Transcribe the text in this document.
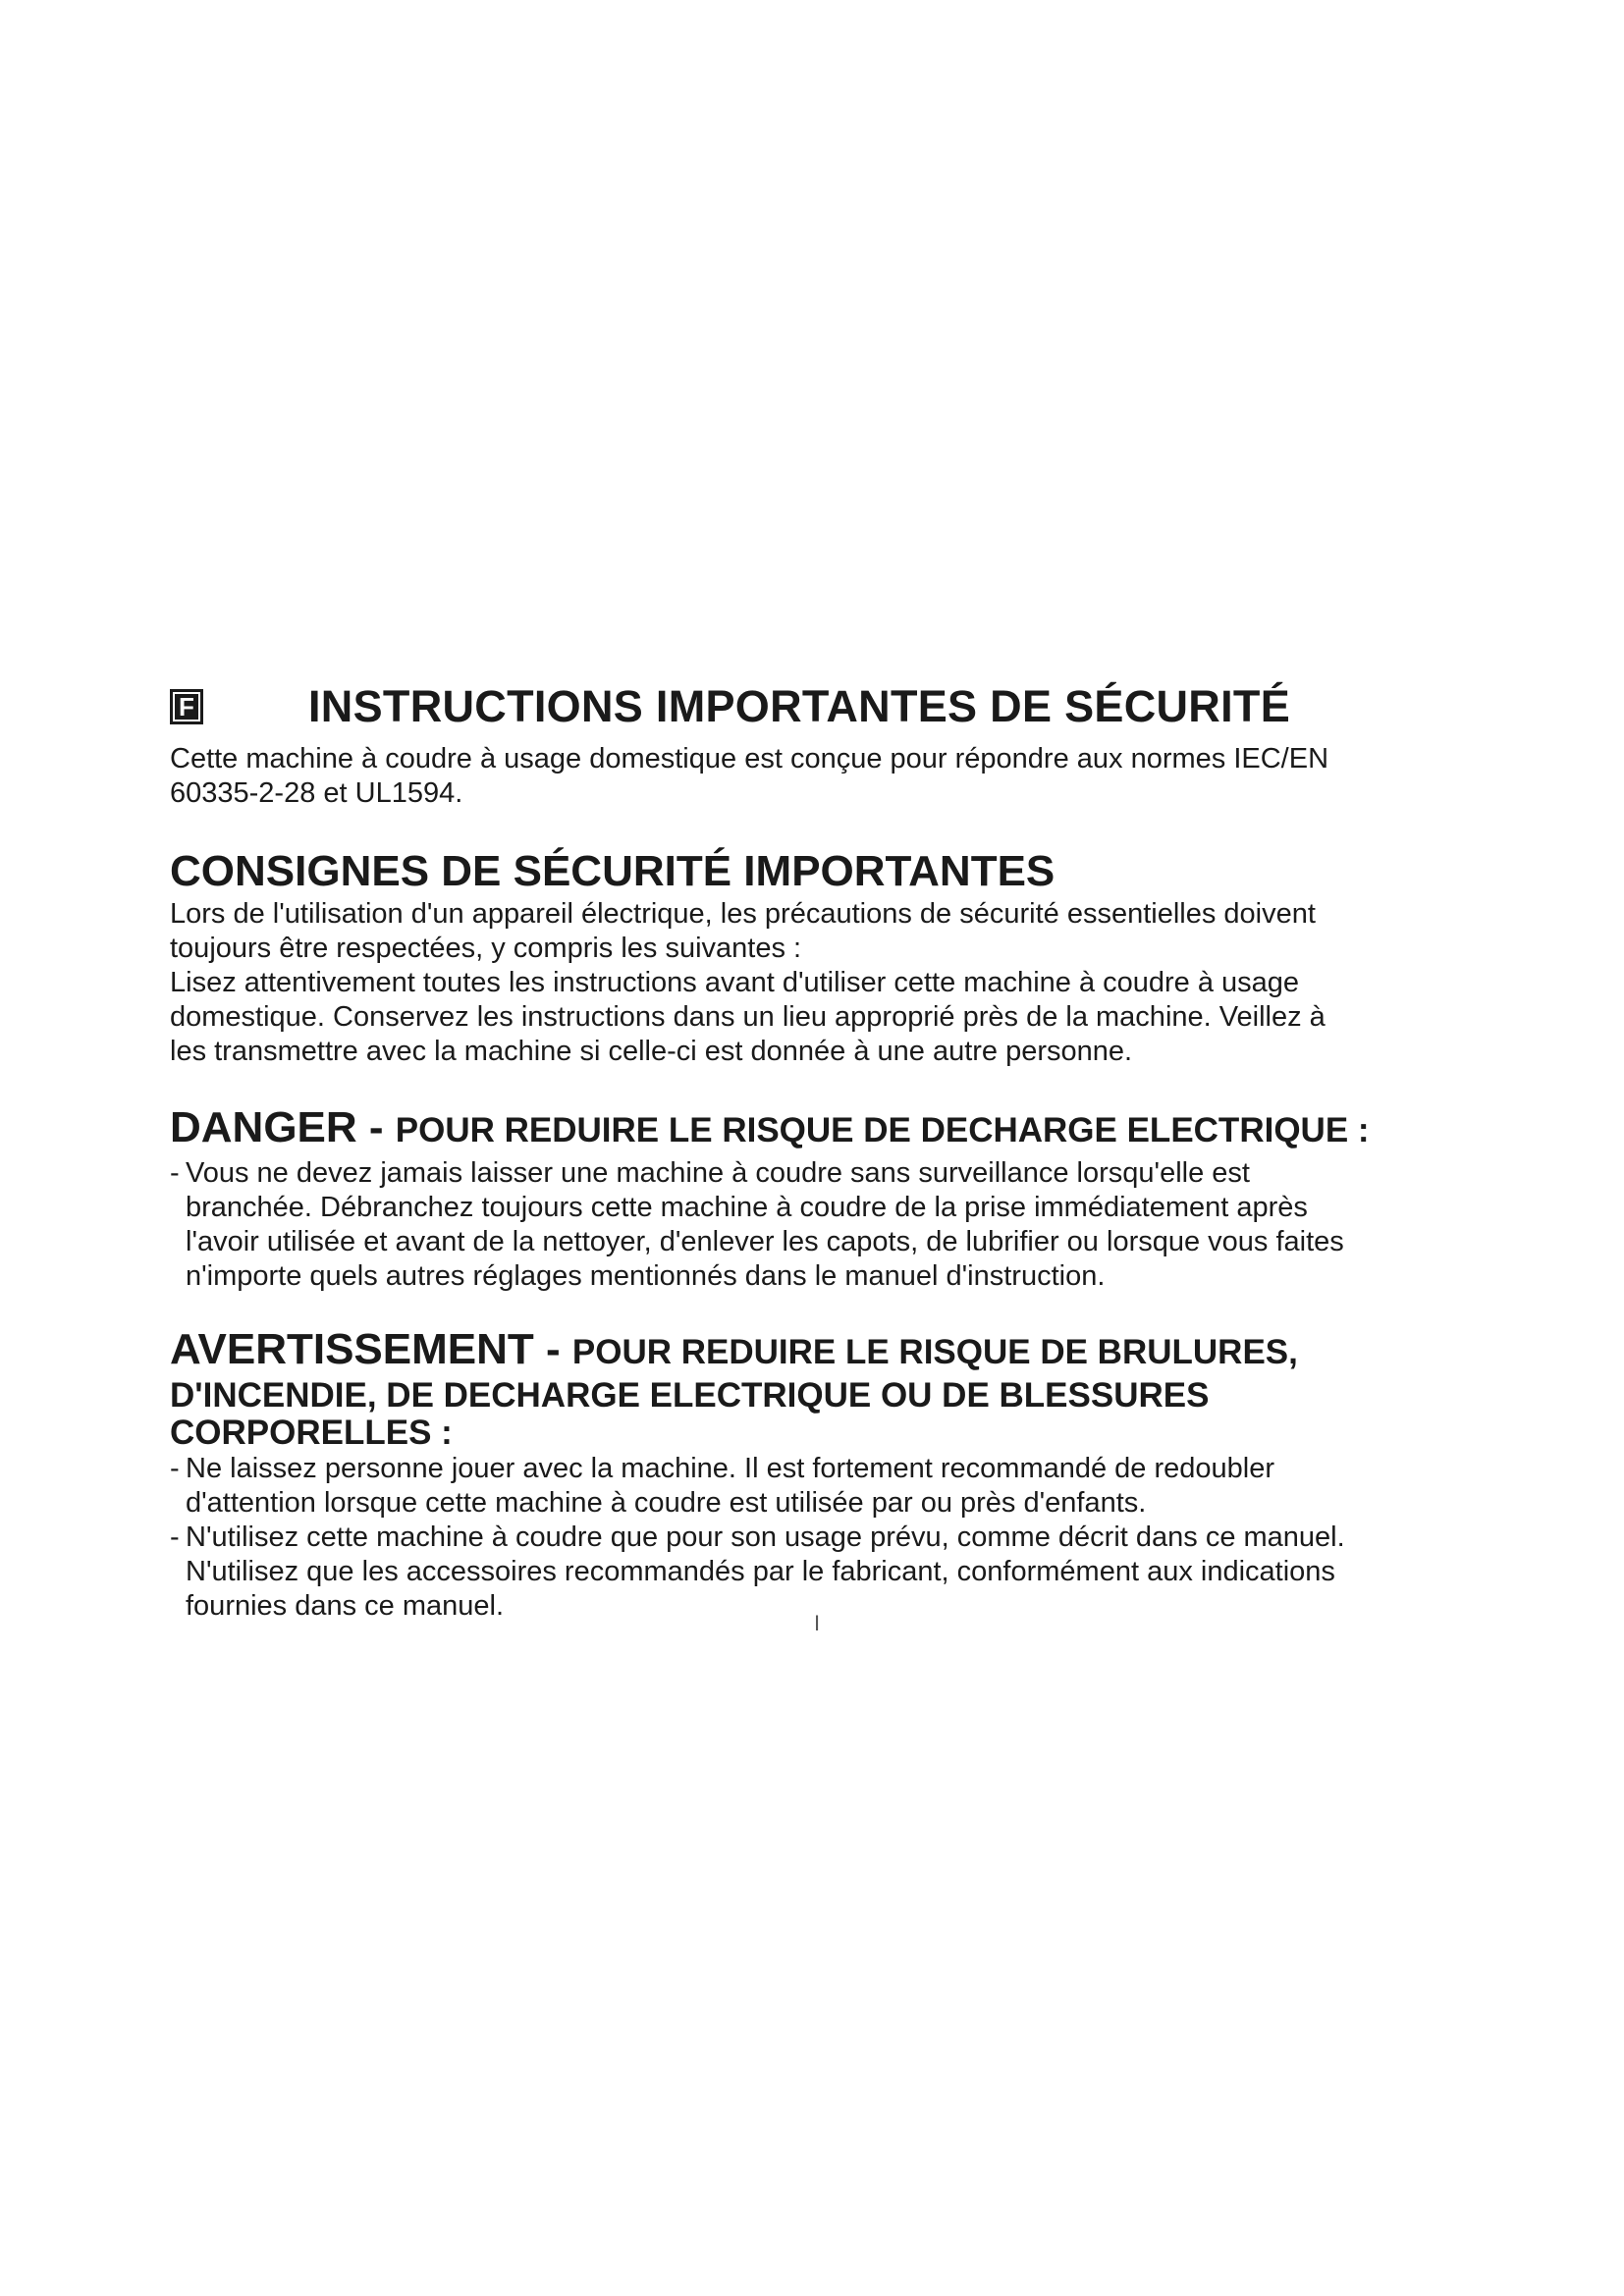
F	INSTRUCTIONS IMPORTANTES DE SÉCURITÉ
Cette machine à coudre à usage domestique est conçue pour répondre aux normes IEC/EN
60335-2-28 et UL1594.
CONSIGNES DE SÉCURITÉ IMPORTANTES
Lors de l'utilisation d'un appareil électrique, les précautions de sécurité essentielles doivent
toujours être respectées, y compris les suivantes :
Lisez attentivement toutes les instructions avant d'utiliser cette machine à coudre à usage
domestique. Conservez les instructions dans un lieu approprié près de la machine. Veillez à
les transmettre avec la machine si celle-ci est donnée à une autre personne.
DANGER - POUR REDUIRE LE RISQUE DE DECHARGE ELECTRIQUE :
- Vous ne devez jamais laisser une machine à coudre sans surveillance lorsqu'elle est
branchée. Débranchez toujours cette machine à coudre de la prise immédiatement après
l'avoir utilisée et avant de la nettoyer, d'enlever les capots, de lubrifier ou lorsque vous faites
n'importe quels autres réglages mentionnés dans le manuel d'instruction.
AVERTISSEMENT - POUR REDUIRE LE RISQUE DE BRULURES,
D'INCENDIE, DE DECHARGE ELECTRIQUE OU DE BLESSURES
CORPORELLES :
- Ne laissez personne jouer avec la machine. Il est fortement recommandé de redoubler
d'attention lorsque cette machine à coudre est utilisée par ou près d'enfants.
- N'utilisez cette machine à coudre que pour son usage prévu, comme décrit dans ce manuel.
N'utilisez que les accessoires recommandés par le fabricant, conformément aux indications
fournies dans ce manuel.
I
